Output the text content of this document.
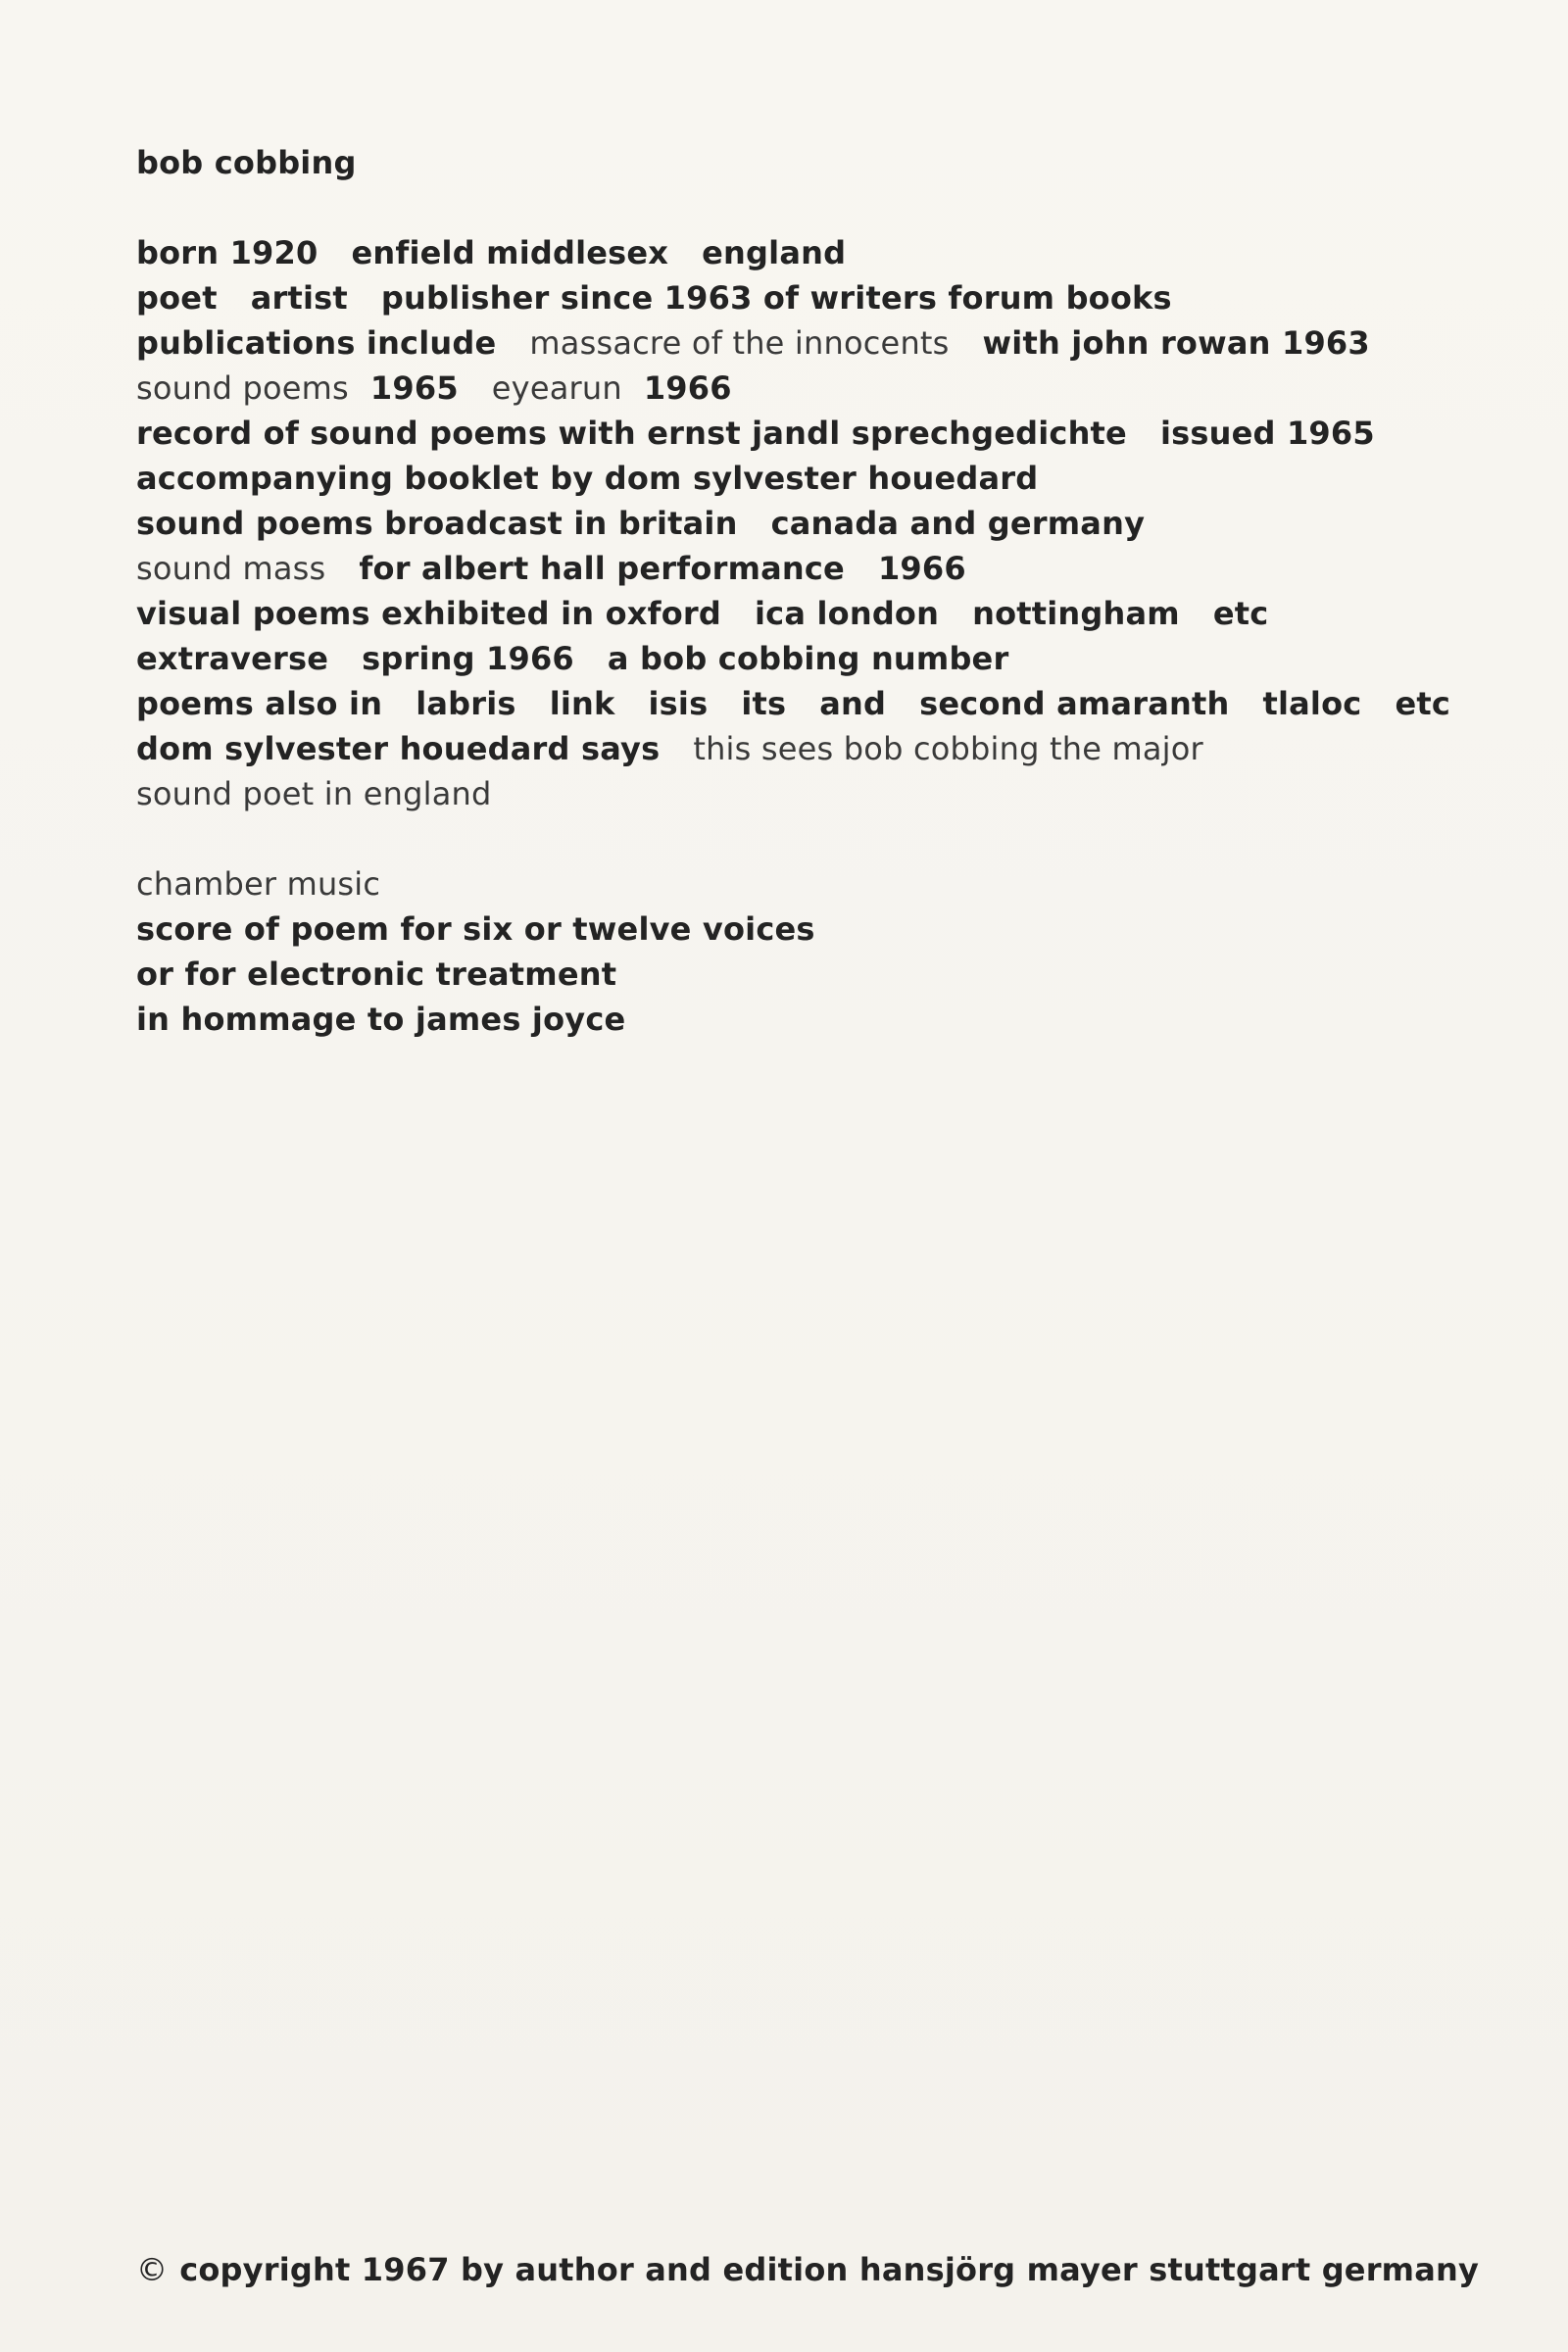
bob cobbing
born 1920 enfield middlesex england
poet artist publisher since 1963 of writers forum books
publications include massacre of the innocents with john rowan 1963
sound poems 1965 eyearun 1966
record of sound poems with ernst jandl sprechgedichte issued 1965
accompanying booklet by dom sylvester houedard
sound poems broadcast in britain canada and germany
sound mass for albert hall performance 1966
visual poems exhibited in oxford ica london nottingham etc
extraverse spring 1966 a bob cobbing number
poems also in labris link isis its and second amaranth tlaloc etc
dom sylvester houedard says this sees bob cobbing the major
sound poet in england
chamber music
score of poem for six or twelve voices
or for electronic treatment
in hommage to james joyce
© copyright 1967 by author and edition hansjörg mayer stuttgart germany
